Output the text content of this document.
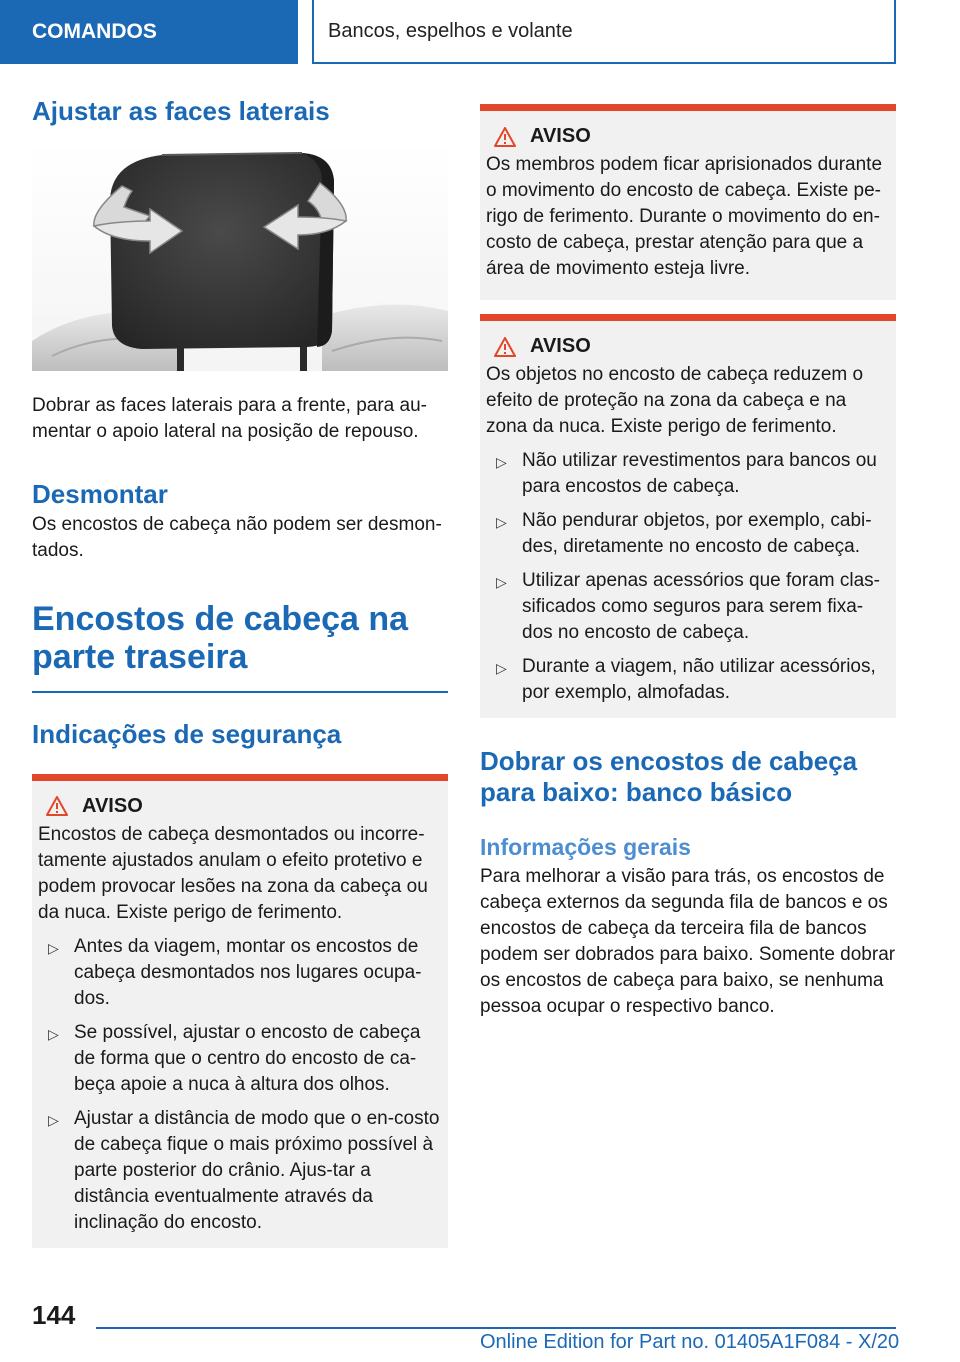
COMANDOS	Bancos, espelhos e volante
Ajustar as faces laterais

Dobrar as faces laterais para a frente, para au-mentar o apoio lateral na posição de repouso.

Desmontar

Os encostos de cabeça não podem ser desmon-tados.

Encostos de cabeça na parte traseira
Indicações de segurança
AVISO

Encostos de cabeça desmontados ou incorre-tamente ajustados anulam o efeito protetivo e podem provocar lesões na zona da cabeça ou da nuca. Existe perigo de ferimento.

▷ Antes da viagem, montar os encostos de cabeça desmontados nos lugares ocupa-dos.
▷ Se possível, ajustar o encosto de cabeça de forma que o centro do encosto de ca-beça apoie a nuca à altura dos olhos.
▷ Ajustar a distância de modo que o en-costo de cabeça fique o mais próximo possível à parte posterior do crânio. Ajus-tar a distância eventualmente através da inclinação do encosto.
AVISO

Os membros podem ficar aprisionados durante o movimento do encosto de cabeça. Existe pe-rigo de ferimento. Durante o movimento do en-costo de cabeça, prestar atenção para que a área de movimento esteja livre.

AVISO

Os objetos no encosto de cabeça reduzem o efeito de proteção na zona da cabeça e na zona da nuca. Existe perigo de ferimento.

▷ Não utilizar revestimentos para bancos ou para encostos de cabeça.
▷ Não pendurar objetos, por exemplo, cabi-des, diretamente no encosto de cabeça.
▷ Utilizar apenas acessórios que foram clas-sificados como seguros para serem fixa-dos no encosto de cabeça.
▷ Durante a viagem, não utilizar acessórios, por exemplo, almofadas.
Dobrar os encostos de cabeça para baixo: banco básico
Informações gerais

Para melhorar a visão para trás, os encostos de cabeça externos da segunda fila de bancos e os encostos de cabeça da terceira fila de bancos podem ser dobrados para baixo. Somente dobrar os encostos de cabeça para baixo, se nenhuma pessoa ocupar o respectivo banco.

144
Online Edition for Part no. 01405A1F084 - X/20
